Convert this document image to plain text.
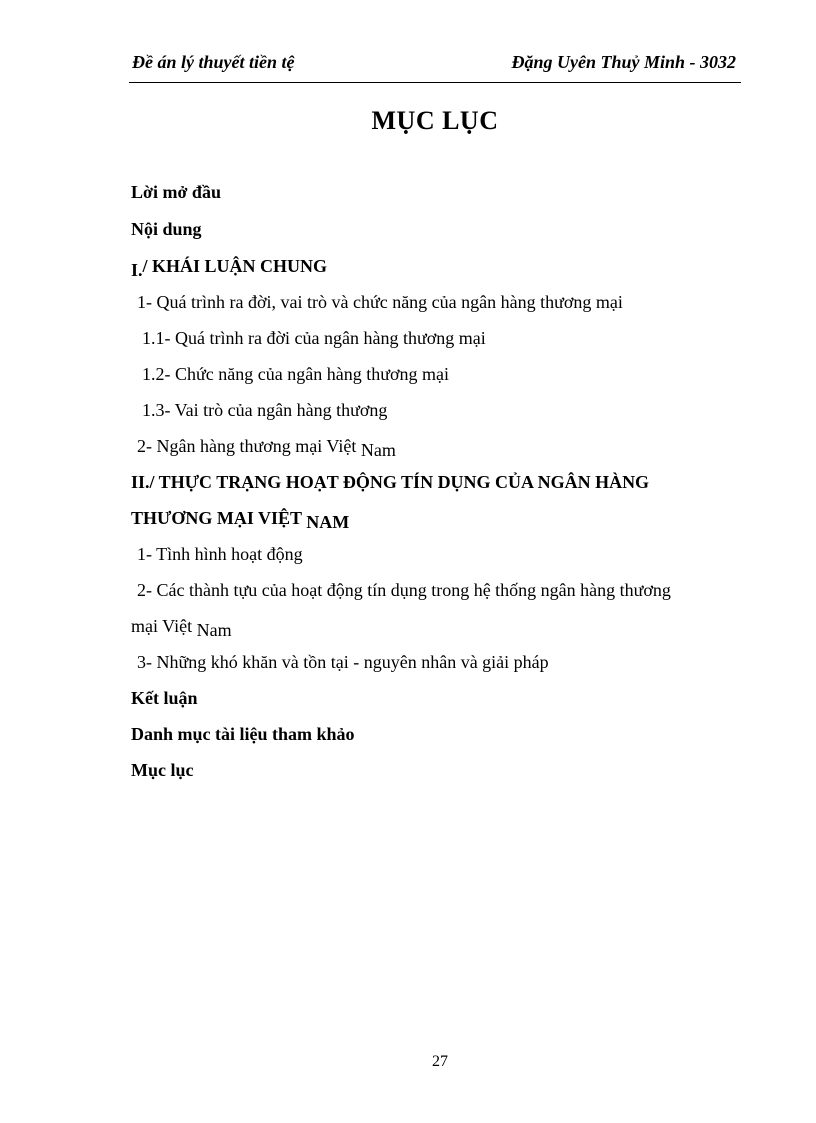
Đề án lý thuyết tiền tệ	Đặng Uyên Thuỷ Minh - 3032
MỤC LỤC
Lời mở đầu
Nội dung
I./ KHÁI LUẬN CHUNG
1- Quá trình ra đời, vai trò và chức năng của ngân hàng thương mại
1.1- Quá trình ra đời của ngân hàng thương mại
1.2- Chức năng của ngân hàng thương mại
1.3- Vai trò của ngân hàng thương
2- Ngân hàng thương mại Việt Nam
II./ THỰC TRẠNG HOẠT ĐỘNG TÍN DỤNG CỦA NGÂN HÀNG
THƯƠNG MẠI VIỆT NAM
1- Tình hình hoạt động
2- Các thành tựu của hoạt động tín dụng trong hệ thống ngân hàng thương
mại Việt Nam
3- Những khó khăn và tồn tại - nguyên nhân và giải pháp
Kết luận
Danh mục tài liệu tham khảo
Mục lục
27
